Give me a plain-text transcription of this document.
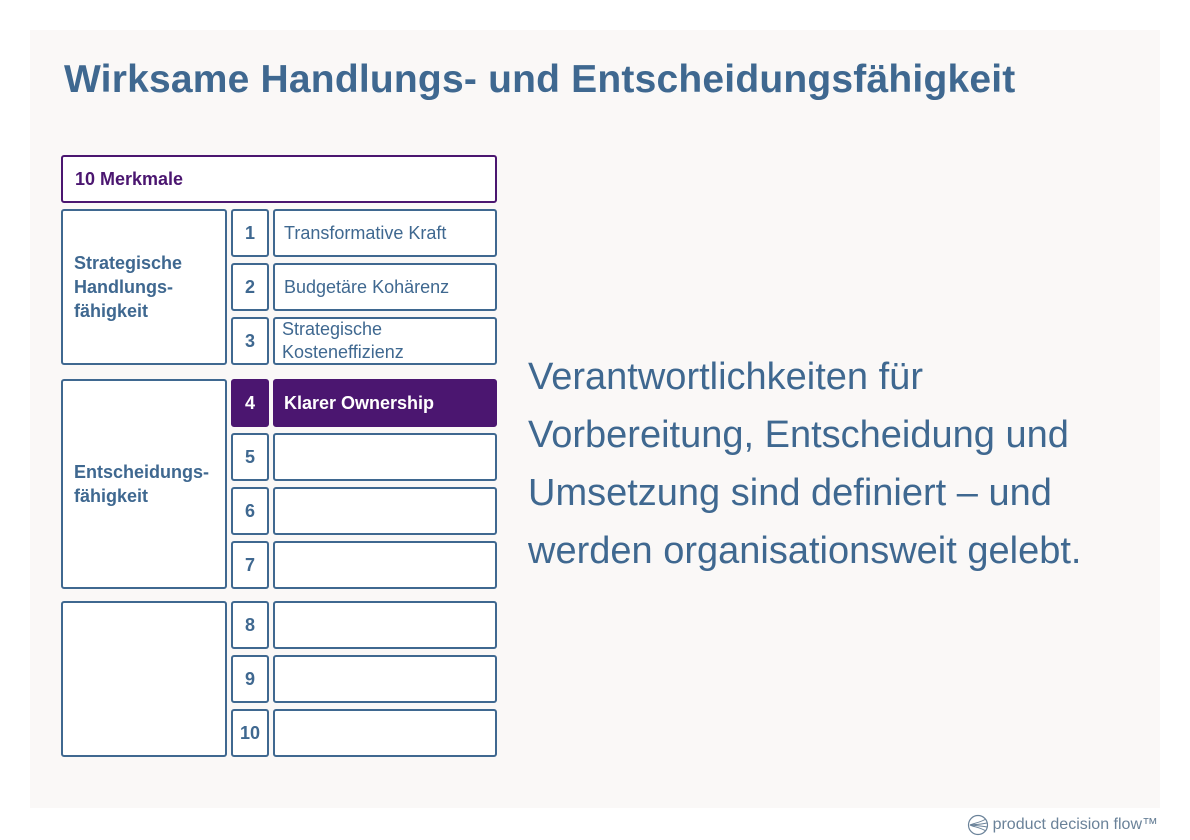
Wirksame Handlungs- und Entscheidungsfähigkeit
10 Merkmale
Strategische
Handlungs-
fähigkeit
Entscheidungs-
fähigkeit
1
2
3
4
5
6
7
8
9
10
Transformative Kraft
Budgetäre Kohärenz
Strategische Kosteneffizienz
Klarer Ownership

Verantwortlichkeiten für Vorbereitung, Entscheidung und Umsetzung sind definiert – und werden organisationsweit gelebt.

product decision flow™
